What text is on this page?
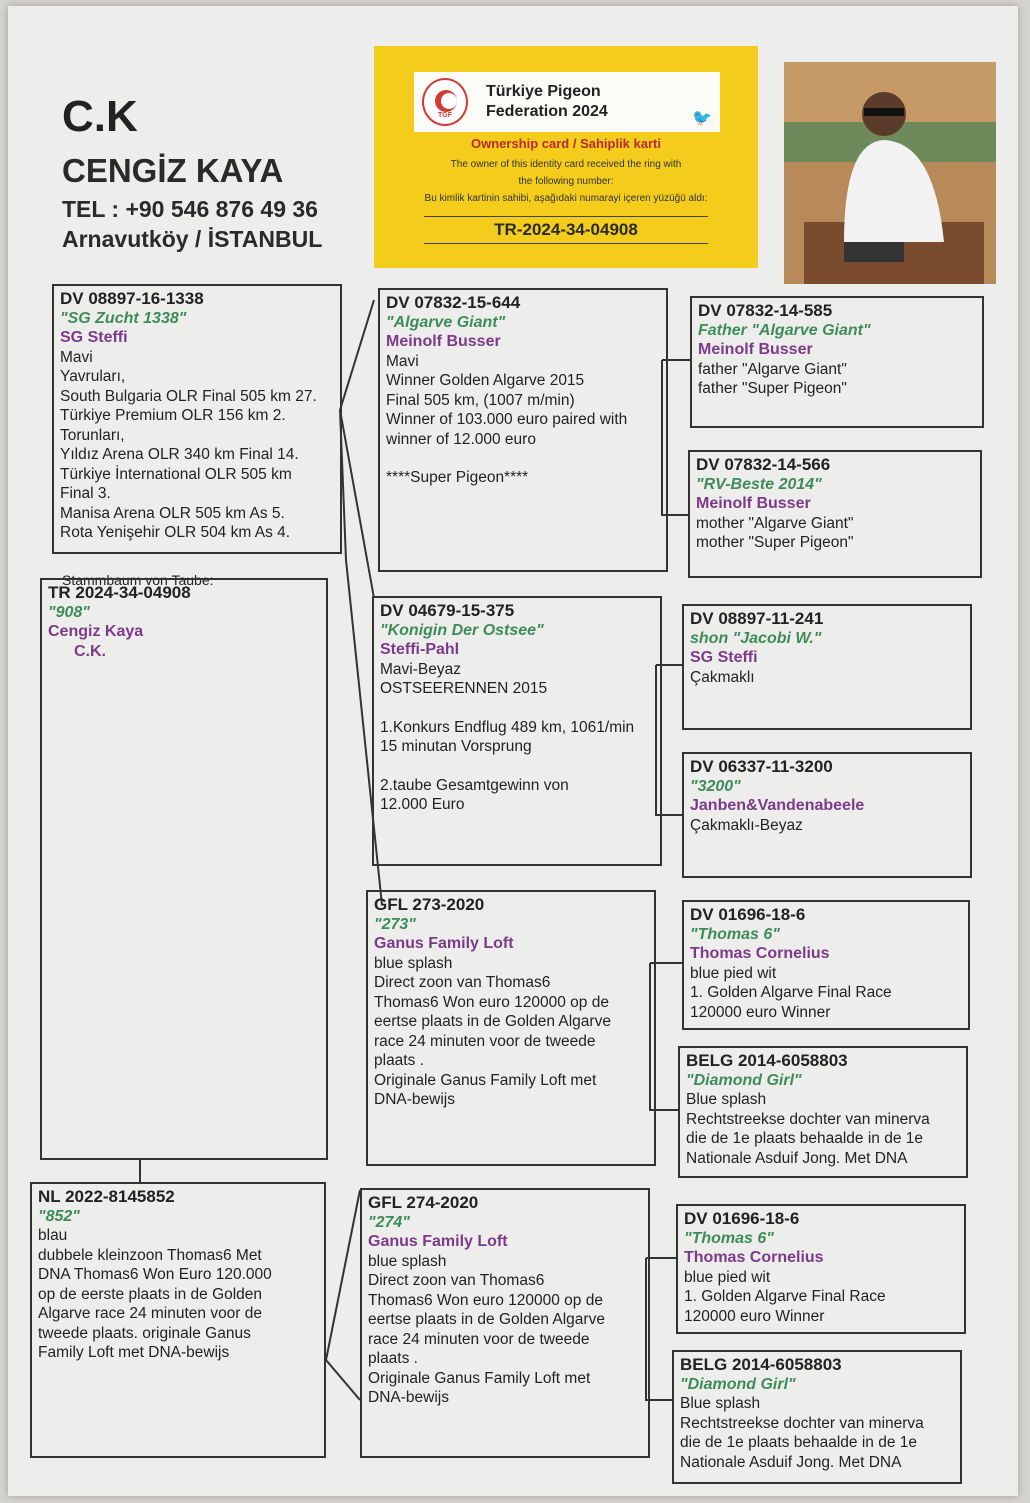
C.K
CENGİZ KAYA
TEL : +90 546 876 49 36
Arnavutköy / İSTANBUL
TGF
Türkiye Pigeon
Federation 2024	🐦
Ownership card / Sahiplik karti
The owner of this identity card received the ring with
the following number:
Bu kimlik kartinin sahibi, aşağıdaki numarayi içeren yüzüğü aldı:
TR-2024-34-04908
Stammbaum von Taube:
DV 08897-16-1338
"SG Zucht 1338"
SG Steffi
Mavi
Yavruları,
South Bulgaria OLR Final 505 km 27.
Türkiye Premium OLR 156 km 2.
Torunları,
Yıldız Arena OLR 340 km Final 14.
Türkiye İnternational OLR 505 km
Final 3.
Manisa Arena OLR 505 km As 5.
Rota Yenişehir OLR 504 km As 4.
TR 2024-34-04908
"908"
Cengiz Kaya
C.K.
NL 2022-8145852
"852"
blau
dubbele kleinzoon Thomas6 Met
DNA Thomas6 Won Euro 120.000
op de eerste plaats in de Golden
Algarve race 24 minuten voor de
tweede plaats. originale Ganus
Family Loft met DNA-bewijs
DV 07832-15-644
"Algarve Giant"
Meinolf Busser
Mavi
Winner Golden Algarve 2015
Final 505 km, (1007 m/min)
Winner of 103.000 euro paired with
winner of 12.000 euro
****Super Pigeon****
DV 04679-15-375
"Konigin Der Ostsee"
Steffi-Pahl
Mavi-Beyaz
OSTSEERENNEN 2015
1.Konkurs Endflug 489 km, 1061/min
15 minutan Vorsprung
2.taube Gesamtgewinn von
12.000 Euro
GFL 273-2020
"273"
Ganus Family Loft
blue splash
Direct zoon van Thomas6
Thomas6 Won euro 120000 op de
eertse plaats in de Golden Algarve
race 24 minuten voor de tweede
plaats .
Originale Ganus Family Loft met
DNA-bewijs
GFL 274-2020
"274"
Ganus Family Loft
blue splash
Direct zoon van Thomas6
Thomas6 Won euro 120000 op de
eertse plaats in de Golden Algarve
race 24 minuten voor de tweede
plaats .
Originale Ganus Family Loft met
DNA-bewijs
DV 07832-14-585
Father "Algarve Giant"
Meinolf Busser
father "Algarve Giant"
father "Super Pigeon"
DV 07832-14-566
"RV-Beste 2014"
Meinolf Busser
mother "Algarve Giant"
mother "Super Pigeon"
DV 08897-11-241
shon "Jacobi W."
SG Steffi
Çakmaklı
DV 06337-11-3200
"3200"
Janben&Vandenabeele
Çakmaklı-Beyaz
DV 01696-18-6
"Thomas 6"
Thomas Cornelius
blue pied wit
1. Golden Algarve Final Race
120000 euro Winner
BELG 2014-6058803
"Diamond Girl"
Blue splash
Rechtstreekse dochter van minerva
die de 1e plaats behaalde in de 1e
Nationale Asduif Jong. Met DNA
DV 01696-18-6
"Thomas 6"
Thomas Cornelius
blue pied wit
1. Golden Algarve Final Race
120000 euro Winner
BELG 2014-6058803
"Diamond Girl"
Blue splash
Rechtstreekse dochter van minerva
die de 1e plaats behaalde in de 1e
Nationale Asduif Jong. Met DNA
